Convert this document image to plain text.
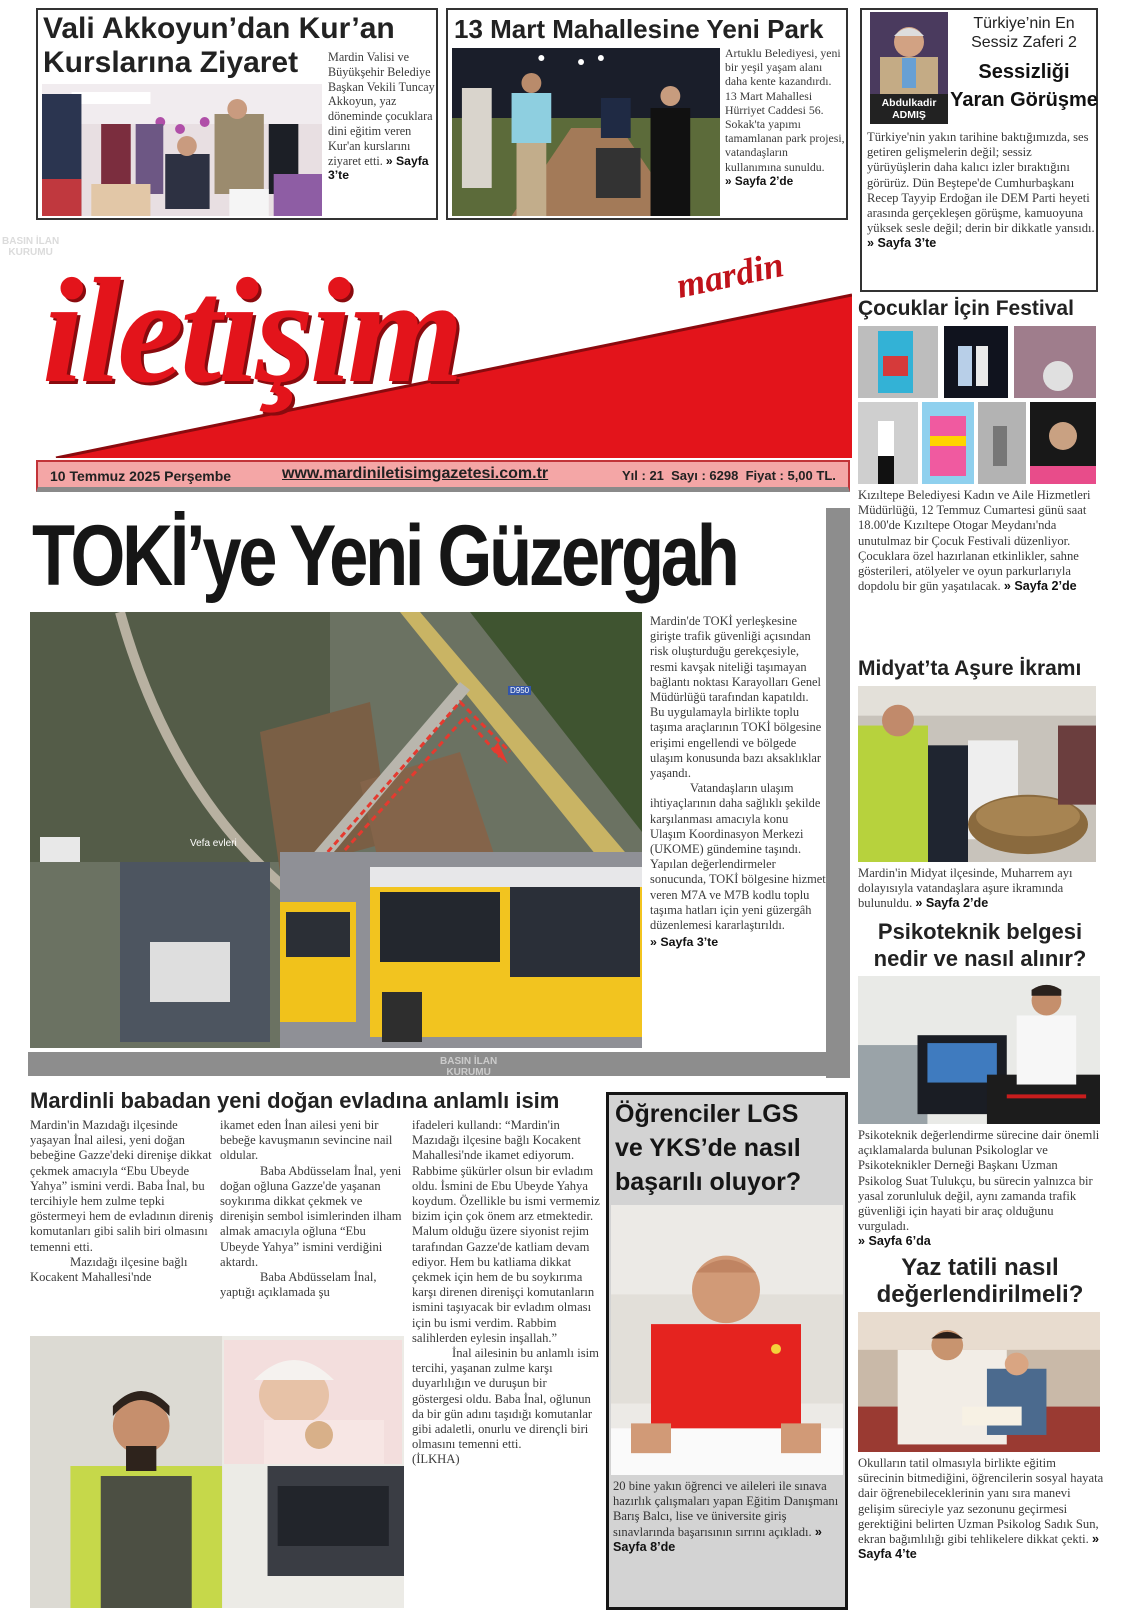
Vali Akkoyun’dan Kur’an
Kurslarına Ziyaret	Mardin Valisi ve Büyükşehir Belediye Başkan Vekili Tuncay Akkoyun, yaz döneminde çocuklara dini eğitim veren Kur'an kurslarını ziyaret etti. » Sayfa 3’te
13 Mart Mahallesine Yeni Park
Artuklu Belediyesi, yeni bir yeşil yaşam alanı daha kente kazandırdı. 13 Mart Mahallesi Hürriyet Caddesi 56. Sokak'ta yapımı tamamlanan park projesi, vatandaşların kullanımına sunuldu.
» Sayfa 2’de
Abdulkadir
ADMIŞ
Türkiye’nin En Sessiz Zaferi 2
Sessizliği
Yaran Görüşme
Türkiye'nin yakın tarihine baktığımızda, ses getiren gelişmelerin değil; sessiz yürüyüşlerin daha kalıcı izler bıraktığını görürüz. Dün Beştepe'de Cumhurbaşkanı Recep Tayyip Erdoğan ile DEM Parti heyeti arasında gerçekleşen görüşme, kamuoyuna yüksek sesle değil; derin bir dikkatle yansıdı. » Sayfa 3’te
iletişim	mardin
10 Temmuz 2025 Perşembe	www.mardiniletisimgazetesi.com.tr	Yıl : 21  Sayı : 6298  Fiyat : 5,00 TL.
TOKİ’ye Yeni Güzergah
Vefa evleri
D950
Mardin'de TOKİ yerleşkesine girişte trafik güvenliği açısından risk oluşturduğu gerekçesiyle, resmi kavşak niteliği taşımayan bağlantı noktası Karayolları Genel Müdürlüğü tarafından kapatıldı. Bu uygulamayla birlikte toplu taşıma araçlarının TOKİ bölgesine erişimi engellendi ve bölgede ulaşım konusunda bazı aksaklıklar yaşandı.
Vatandaşların ulaşım ihtiyaçlarının daha sağlıklı şekilde karşılanması amacıyla konu Ulaşım Koordinasyon Merkezi (UKOME) gündemine taşındı. Yapılan değerlendirmeler sonucunda, TOKİ bölgesine hizmet veren M7A ve M7B kodlu toplu taşıma hatları için yeni güzergâh düzenlemesi kararlaştırıldı.
» Sayfa 3’te
Çocuklar İçin Festival
Kızıltepe Belediyesi Kadın ve Aile Hizmetleri Müdürlüğü, 12 Temmuz Cumartesi günü saat 18.00'de Kızıltepe Otogar Meydanı'nda unutulmaz bir Çocuk Festivali düzenliyor. Çocuklara özel hazırlanan etkinlikler, sahne gösterileri, atölyeler ve oyun parkurlarıyla dopdolu bir gün yaşatılacak. » Sayfa 2’de
Midyat’ta Aşure İkramı
Mardin'in Midyat ilçesinde, Muharrem ayı dolayısıyla vatandaşlara aşure ikramında bulunuldu. » Sayfa 2’de
Psikoteknik belgesi
nedir ve nasıl alınır?
Psikoteknik değerlendirme sürecine dair önemli açıklamalarda bulunan Psikologlar ve Psikoteknikler Derneği Başkanı Uzman Psikolog Suat Tulukçu, bu sürecin yalnızca bir yasal zorunluluk değil, aynı zamanda trafik güvenliği için hayati bir araç olduğunu vurguladı.
» Sayfa 6’da
Yaz tatili nasıl
değerlendirilmeli?
Okulların tatil olmasıyla birlikte eğitim sürecinin bitmediğini, öğrencilerin sosyal hayata dair öğrenebileceklerinin yanı sıra manevi gelişim süreciyle yaz sezonunu geçirmesi gerektiğini belirten Uzman Psikolog Sadık Sun, ekran bağımlılığı gibi tehlikelere dikkat çekti. » Sayfa 4’te
Mardinli babadan yeni doğan evladına anlamlı isim
Mardin'in Mazıdağı ilçesinde yaşayan İnal ailesi, yeni doğan bebeğine Gazze'deki direnişe dikkat çekmek amacıyla “Ebu Ubeyde Yahya” ismini verdi. Baba İnal, bu tercihiyle hem zulme tepki göstermeyi hem de evladının direniş komutanları gibi salih biri olmasını temenni etti.
Mazıdağı ilçesine bağlı Kocakent Mahallesi'nde
ikamet eden İnan ailesi yeni bir bebeğe kavuşmanın sevincine nail oldular.
Baba Abdüsselam İnal, yeni doğan oğluna Gazze'de yaşanan soykırıma dikkat çekmek ve direnişin sembol isimlerinden ilham almak amacıyla oğluna “Ebu Ubeyde Yahya” ismini verdiğini aktardı.
Baba Abdüsselam İnal, yaptığı açıklamada şu
ifadeleri kullandı: “Mardin'in Mazıdağı ilçesine bağlı Kocakent Mahallesi'nde ikamet ediyorum. Rabbime şükürler olsun bir evladım oldu. İsmini de Ebu Ubeyde Yahya koydum. Özellikle bu ismi vermemiz bizim için çok önem arz etmektedir. Malum olduğu üzere siyonist rejim tarafından Gazze'de katliam devam ediyor. Hem bu katliama dikkat çekmek için hem de bu soykırıma karşı direnen direnişçi komutanların ismini taşıyacak bir evladım olması için bu ismi verdim. Rabbim salihlerden eylesin inşallah.”
İnal ailesinin bu anlamlı isim tercihi, yaşanan zulme karşı duyarlılığın ve duruşun bir göstergesi oldu. Baba İnal, oğlunun da bir gün adını taşıdığı komutanlar gibi adaletli, onurlu ve dirençli biri olmasını temenni etti.
(İLKHA)
Öğrenciler LGS
ve YKS’de nasıl
başarılı oluyor?
20 bine yakın öğrenci ve aileleri ile sınava hazırlık çalışmaları yapan Eğitim Danışmanı Barış Balcı, lise ve üniversite giriş sınavlarında başarısının sırrını açıkladı. » Sayfa 8’de
BASIN İLAN
KURUMU
BASIN İLAN
KURUMU
